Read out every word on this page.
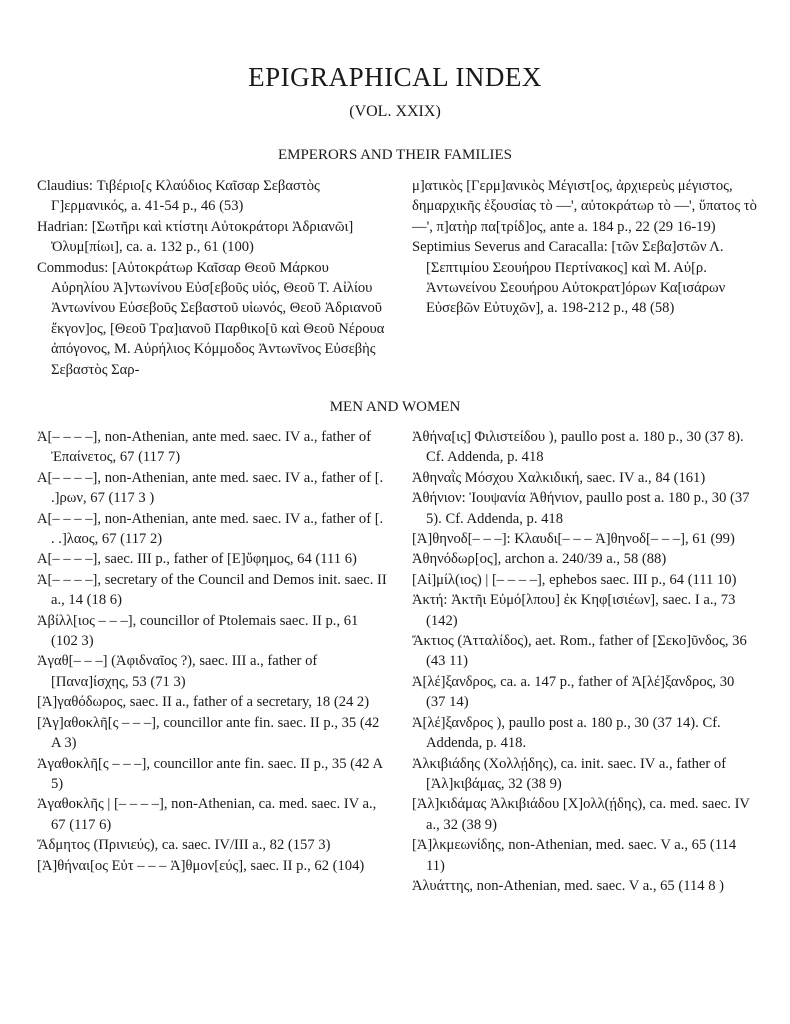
EPIGRAPHICAL INDEX
(VOL. XXIX)
EMPERORS AND THEIR FAMILIES

Claudius: Τιβέριο[ς Κλαύδιος Καῖσαρ Σεβαστὸς Γ]ερμανικός, a. 41-54 p., 46 (53)

Hadrian: [Σωτῆρι καὶ κτίστηι Αὐτοκράτορι Ἁδριανῶι] Ὀλυμ[πίωι], ca. a. 132 p., 61 (100)

Commodus: [Αὐτοκράτωρ Καῖσαρ Θεοῦ Μάρκου Αὐρηλίου Ἀ]ντωνίνου Εὐσ[εβοῦς υἱός, Θεοῦ Τ. Αἰλίου Ἀντωνίνου Εὐσεβοῦς Σεβαστοῦ υἱωνός, Θεοῦ Ἁδριανοῦ ἔκγον]ος, [Θεοῦ Τρα]ιανοῦ Παρθικο[ῦ καὶ Θεοῦ Νέρουα ἀπόγονος, Μ. Αὐρήλιος Κόμμοδος Ἀντωνῖνος Εὐσεβὴς Σεβαστὸς Σαρ-

μ]ατικὸς [Γερμ]ανικὸς Μέγιστ[ος, ἀρχιερεὺς μέγιστος, δημαρχικῆς ἐξουσίας τὸ —', αὐτοκράτωρ τὸ —', ὕπατος τὸ —', π]ατὴρ πα[τρίδ]ος, ante a. 184 p., 22 (29 16-19)

Septimius Severus and Caracalla: [τῶν Σεβα]στῶν Λ. [Σεπτιμίου Σεουήρου Περτίνακος] καὶ Μ. Αὐ[ρ. Ἀντωνείνου Σεουήρου Αὐτοκρατ]όρων Κα[ισάρων Εὐσεβῶν Εὐτυχῶν], a. 198-212 p., 48 (58)

MEN AND WOMEN

Ἀ[– – – –], non-Athenian, ante med. saec. IV a., father of Ἐπαίνετος, 67 (117 7)

Α[– – – –], non-Athenian, ante med. saec. IV a., father of [. .]ρων, 67 (117 3 )

Α[– – – –], non-Athenian, ante med. saec. IV a., father of [. . .]λαος, 67 (117 2)

Α[– – – –], saec. III p., father of [Ε]ὔφημος, 64 (111 6)

Ἀ[– – – –], secretary of the Council and Demos init. saec. II a., 14 (18 6)

Ἀβίλλ[ιος – – –], councillor of Ptolemais saec. II p., 61 (102 3)

Ἀγαθ[– – –] (Ἀφιδναῖος ?), saec. III a., father of [Πανα]ίσχης, 53 (71 3)

[Ἀ]γαθόδωρος, saec. II a., father of a secretary, 18 (24 2)

[Ἀγ]αθοκλῆ[ς – – –], councillor ante fin. saec. II p., 35 (42 A 3)

Ἀγαθοκλῆ[ς – – –], councillor ante fin. saec. II p., 35 (42 A 5)

Ἀγαθοκλῆς | [– – – –], non-Athenian, ca. med. saec. IV a., 67 (117 6)

Ἄδμητος (Πρινιεύς), ca. saec. IV/III a., 82 (157 3)

[Ἀ]θήναι[ος Εὐτ – – – Ἀ]θμον[εύς], saec. II p., 62 (104)

Ἀθήνα[ις] Φιλιστείδου ), paullo post a. 180 p., 30 (37 8). Cf. Addenda, p. 418

Ἀθηναῒς Μόσχου Χαλκιδική, saec. IV a., 84 (161)

Ἀθήνιον: Ἰουψανία Ἀθήνιον, paullo post a. 180 p., 30 (37 5). Cf. Addenda, p. 418

[Ἀ]θηνοδ[– – –]: Κλαυδι[– – – Ἀ]θηνοδ[– – –], 61 (99)

Ἀθηνόδωρ[ος], archon a. 240/39 a., 58 (88)

[Αἰ]μίλ(ιος) | [– – – –], ephebos saec. III p., 64 (111 10)

Ἀκτή: Ἀκτῆι Εὐμό[λπου] ἐκ Κηφ[ισιέων], saec. I a., 73 (142)

Ἄκτιος (Ἀτταλίδος), aet. Rom., father of [Σεκο]ῦνδος, 36 (43 11)

Ἀ[λέ]ξανδρος, ca. a. 147 p., father of Ἀ[λέ]ξανδρος, 30 (37 14)

Ἀ[λέ]ξανδρος ), paullo post a. 180 p., 30 (37 14). Cf. Addenda, p. 418.

Ἀλκιβιάδης (Χολλῄδης), ca. init. saec. IV a., father of [Ἀλ]κιβάμας, 32 (38 9)

[Ἀλ]κιδάμας Ἀλκιβιάδου [Χ]ολλ(ῄδης), ca. med. saec. IV a., 32 (38 9)

[Ἀ]λκμεωνίδης, non-Athenian, med. saec. V a., 65 (114 11)

Ἀλυάττης, non-Athenian, med. saec. V a., 65 (114 8 )
